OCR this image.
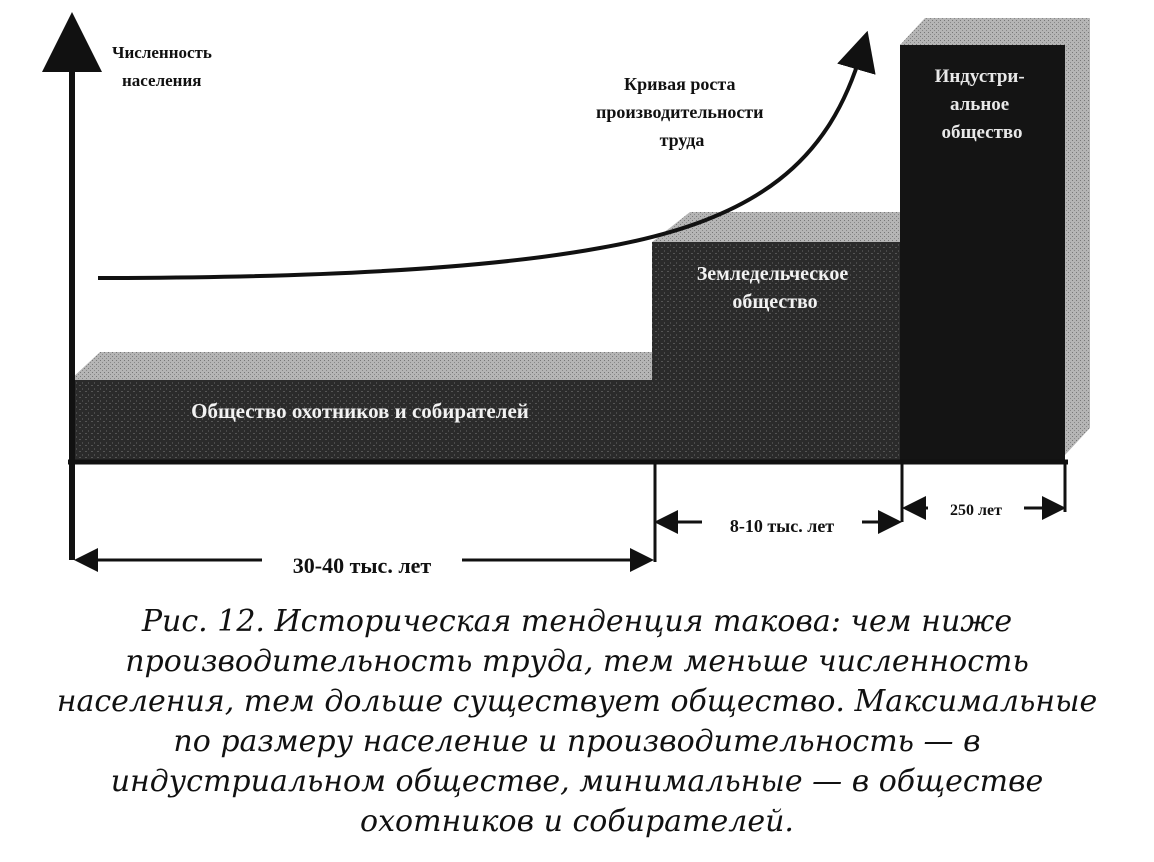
Численность населения	Кривая роста производительности труда
Общество охотников и собирателей
Земледельческое общество
Индустри- альное общество
30-40 тыс. лет
8-10 тыс. лет
250 лет
Рис. 12. Историческая тенденция такова: чем ниже
производительность труда, тем меньше численность
населения, тем дольше существует общество. Максимальные
по размеру население и производительность — в
индустриальном обществе, минимальные — в обществе
охотников и собирателей.
